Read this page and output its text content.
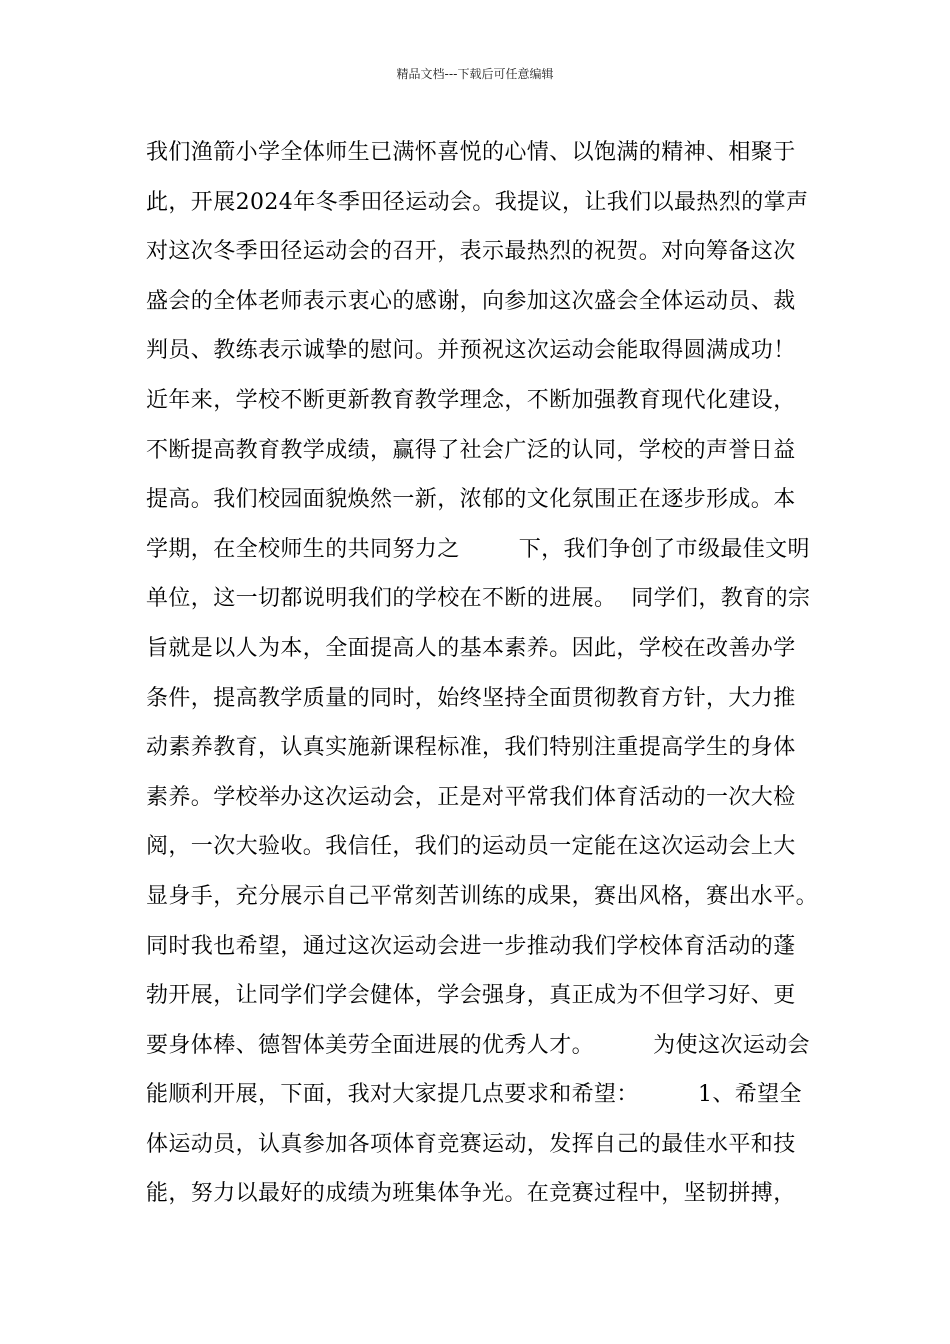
精品文档---下载后可任意编辑
我们渔箭小学全体师生已满怀喜悦的心情、以饱满的精神、相聚于
此，开展2024年冬季田径运动会。我提议，让我们以最热烈的掌声
对这次冬季田径运动会的召开，表示最热烈的祝贺。对向筹备这次
盛会的全体老师表示衷心的感谢，向参加这次盛会全体运动员、裁
判员、教练表示诚挚的慰问。并预祝这次运动会能取得圆满成功！
近年来，学校不断更新教育教学理念，不断加强教育现代化建设，
不断提高教育教学成绩，赢得了社会广泛的认同，学校的声誉日益
提高。我们校园面貌焕然一新，浓郁的文化氛围正在逐步形成。本
学期，在全校师生的共同努力之        下，我们争创了市级最佳文明
单位，这一切都说明我们的学校在不断的进展。  同学们，教育的宗
旨就是以人为本，全面提高人的基本素养。因此，学校在改善办学
条件，提高教学质量的同时，始终坚持全面贯彻教育方针，大力推
动素养教育，认真实施新课程标准，我们特别注重提高学生的身体
素养。学校举办这次运动会，正是对平常我们体育活动的一次大检
阅，一次大验收。我信任，我们的运动员一定能在这次运动会上大
显身手，充分展示自己平常刻苦训练的成果，赛出风格，赛出水平。
同时我也希望，通过这次运动会进一步推动我们学校体育活动的蓬
勃开展，让同学们学会健体，学会强身，真正成为不但学习好、更
要身体棒、德智体美劳全面进展的优秀人才。        为使这次运动会
能顺利开展，下面，我对大家提几点要求和希望：        1、希望全
体运动员，认真参加各项体育竞赛运动，发挥自己的最佳水平和技
能，努力以最好的成绩为班集体争光。在竞赛过程中，坚韧拼搏，
